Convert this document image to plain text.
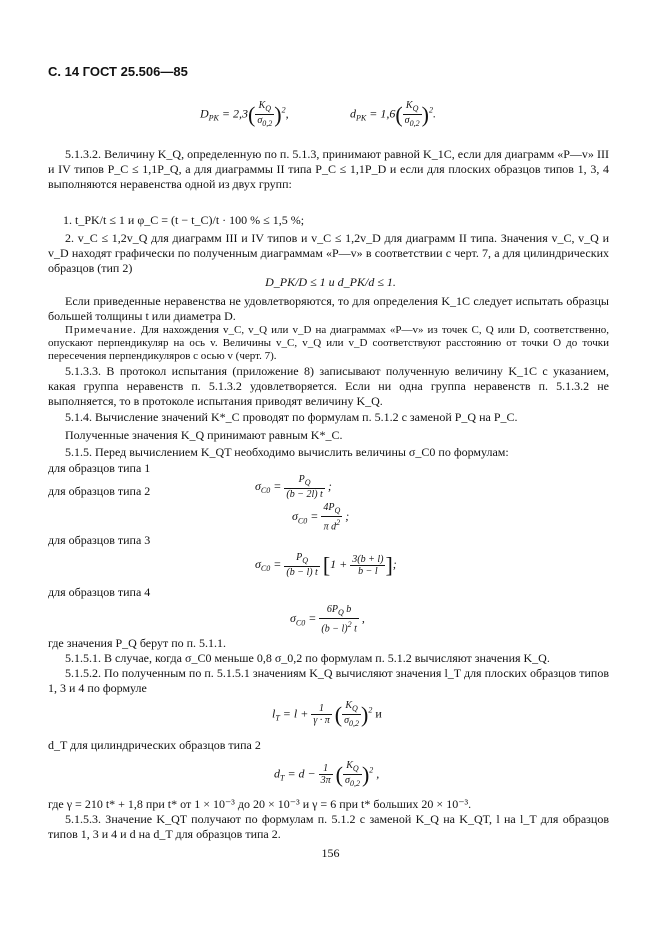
С. 14 ГОСТ 25.506—85
$D_{PK} = 2,3( \frac{K_Q}{\sigma_{0,2}} )^2$,	$d_{PK} = 1,6( \frac{K_Q}{\sigma_{0,2}} )^2$.
5.1.3.2. Величину K_Q, определенную по п. 5.1.3, принимают равной K_1C, если для диаграмм «P—v» III и IV типов P_C ≤ 1,1P_Q, а для диаграммы II типа P_C ≤ 1,1P_D и если для плоских образцов типов 1, 3, 4 выполняются неравенства одной из двух групп:
1. t_PK/t ≤ 1 и φ_C = (t − t_C)/t · 100 % ≤ 1,5 %;
2. v_C ≤ 1,2v_Q для диаграмм III и IV типов и v_C ≤ 1,2v_D для диаграмм II типа. Значения v_C, v_Q и v_D находят графически по полученным диаграммам «P—v» в соответствии с черт. 7, а для цилиндрических образцов (тип 2)
D_PK/D ≤ 1 и d_PK/d ≤ 1.
Если приведенные неравенства не удовлетворяются, то для определения K_1C следует испытать образцы большей толщины t или диаметра D.
Примечание. Для нахождения v_C, v_Q или v_D на диаграммах «P—v» из точек C, Q или D, соответственно, опускают перпендикуляр на ось v. Величины v_C, v_Q или v_D соответствуют расстоянию от точки O до точки пересечения перпендикуляров с осью v (черт. 7).
5.1.3.3. В протокол испытания (приложение 8) записывают полученную величину K_1C с указанием, какая группа неравенств п. 5.1.3.2 удовлетворяется. Если ни одна группа неравенств п. 5.1.3.2 не выполняется, то в протоколе испытания приводят величину K_Q.
5.1.4. Вычисление значений K*_C проводят по формулам п. 5.1.2 с заменой P_Q на P_C.
Полученные значения K_Q принимают равным K*_C.
5.1.5. Перед вычислением K_QT необходимо вычислить величины σ_C0 по формулам:
для образцов типа 1
$\sigma_{C0} = \frac{P_Q}{(b - 2l) t}$ ;
для образцов типа 2
$\sigma_{C0} = \frac{4P_Q}{\pi d^2}$ ;
для образцов типа 3
$\sigma_{C0} = \frac{P_Q}{(b - l) t} [1 + \frac{3(b + l)}{b - l}$ ];
для образцов типа 4
$\sigma_{C0} = \frac{6P_Q b}{(b - l)^2 t}$ ,
где значения P_Q берут по п. 5.1.1.
5.1.5.1. В случае, когда σ_C0 меньше 0,8 σ_0,2 по формулам п. 5.1.2 вычисляют значения K_Q.
5.1.5.2. По полученным по п. 5.1.5.1 значениям K_Q вычисляют значения l_T для плоских образцов типов 1, 3 и 4 по формуле
$l_T = l + \frac{1}{\gamma \cdot \pi}$ ( $\frac{K_Q}{\sigma_{0,2}} )^2$ и
d_T для цилиндрических образцов типа 2
$d_T = d - \frac{1}{3\pi}$ ( $\frac{K_Q}{\sigma_{0,2}} )^2$ ,
где γ = 210 t* + 1,8 при t* от 1 × 10⁻³ до 20 × 10⁻³ и γ = 6 при t* больших 20 × 10⁻³.
5.1.5.3. Значение K_QT получают по формулам п. 5.1.2 с заменой K_Q на K_QT, l на l_T для образцов типов 1, 3 и 4 и d на d_T для образцов типа 2.
156
